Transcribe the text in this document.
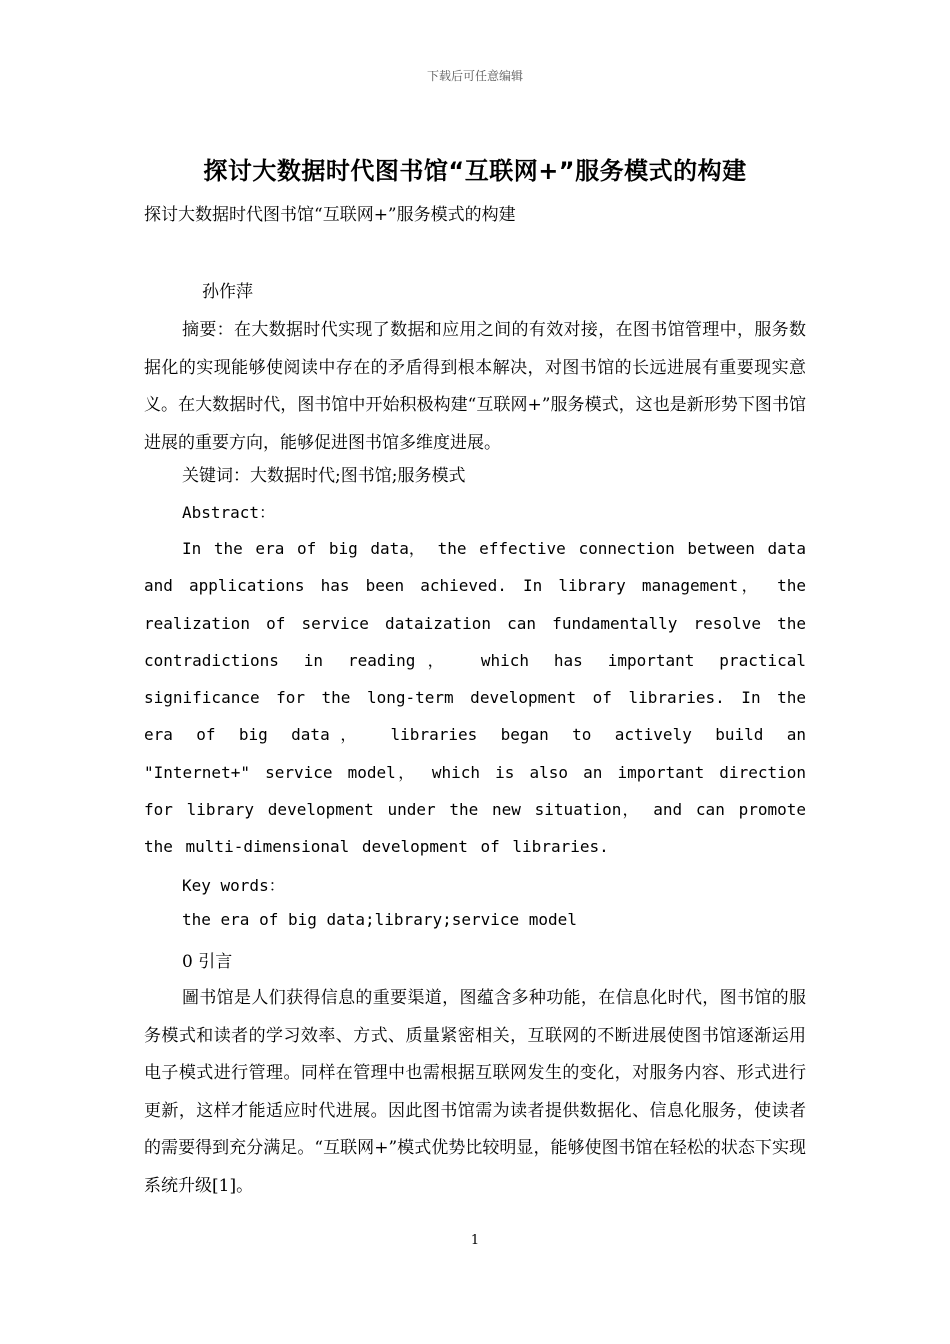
下载后可任意编辑
探讨大数据时代图书馆“互联网+”服务模式的构建
探讨大数据时代图书馆“互联网+”服务模式的构建
孙作萍
摘要：在大数据时代实现了数据和应用之间的有效对接，在图书馆管理中，服务数据化的实现能够使阅读中存在的矛盾得到根本解决，对图书馆的长远进展有重要现实意义。在大数据时代，图书馆中开始积极构建“互联网+”服务模式，这也是新形势下图书馆进展的重要方向，能够促进图书馆多维度进展。
关键词：大数据时代;图书馆;服务模式
Abstract：
In the era of big data， the effective connection between data and applications has been achieved. In library management， the realization of service dataization can fundamentally resolve the contradictions in reading， which has important practical significance for the long-term development of libraries. In the era of big data， libraries began to actively build an "Internet+" service model， which is also an important direction for library development under the new situation， and can promote the multi-dimensional development of libraries.
Key words：
the era of big data;library;service model
0 引言
圖书馆是人们获得信息的重要渠道，图蕴含多种功能，在信息化时代，图书馆的服务模式和读者的学习效率、方式、质量紧密相关，互联网的不断进展使图书馆逐渐运用电子模式进行管理。同样在管理中也需根据互联网发生的变化，对服务内容、形式进行更新，这样才能适应时代进展。因此图书馆需为读者提供数据化、信息化服务，使读者的需要得到充分满足。“互联网+”模式优势比较明显，能够使图书馆在轻松的状态下实现系统升级[1]。
1
